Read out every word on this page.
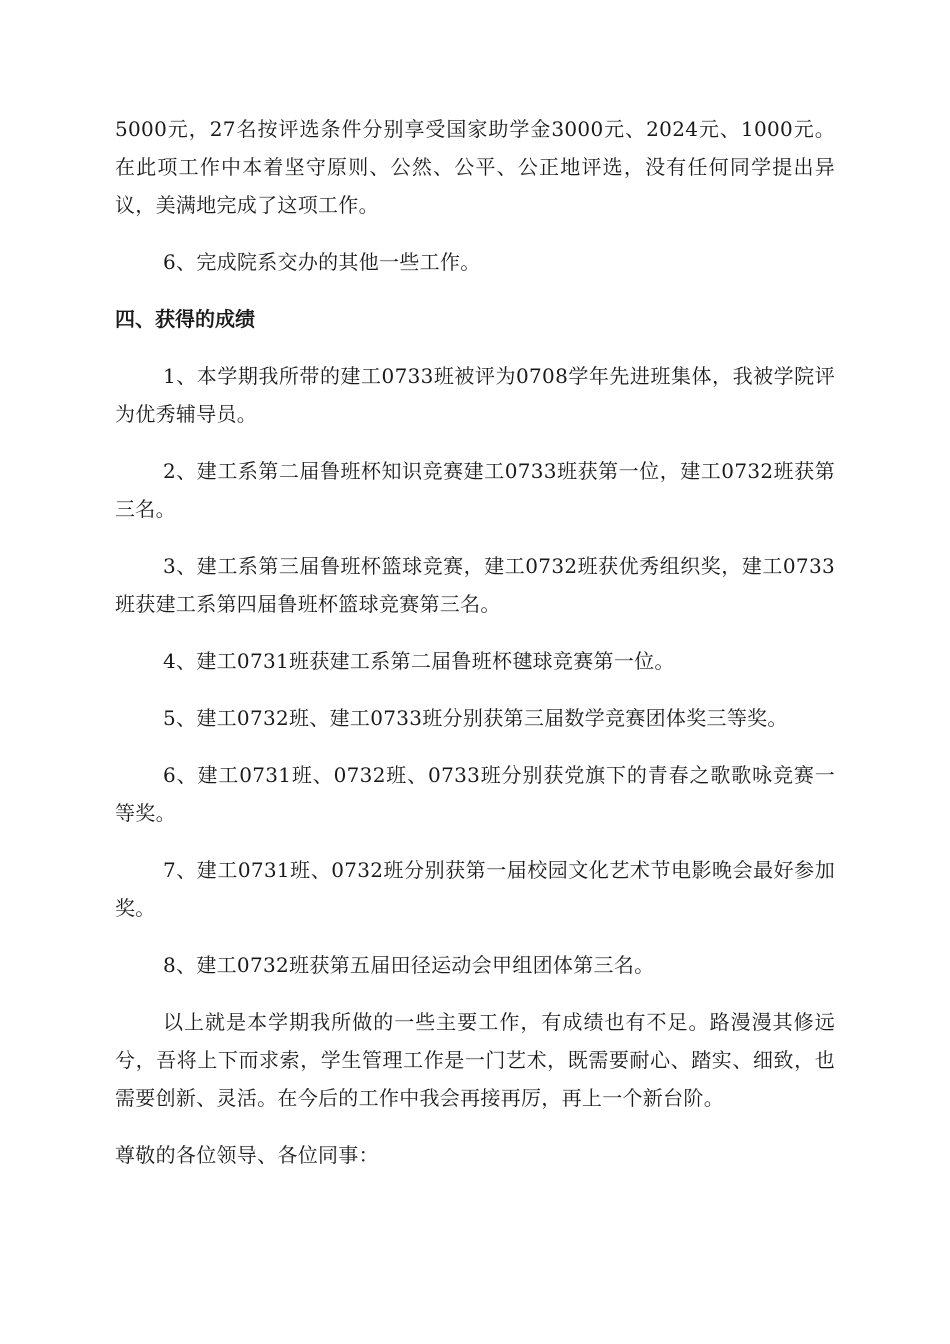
5000元，27名按评选条件分别享受国家助学金3000元、2024元、1000元。在此项工作中本着坚守原则、公然、公平、公正地评选，没有任何同学提出异议，美满地完成了这项工作。

6、完成院系交办的其他一些工作。

四、获得的成绩

1、本学期我所带的建工0733班被评为0708学年先进班集体，我被学院评为优秀辅导员。

2、建工系第二届鲁班杯知识竞赛建工0733班获第一位，建工0732班获第三名。

3、建工系第三届鲁班杯篮球竞赛，建工0732班获优秀组织奖，建工0733班获建工系第四届鲁班杯篮球竞赛第三名。

4、建工0731班获建工系第二届鲁班杯毽球竞赛第一位。

5、建工0732班、建工0733班分别获第三届数学竞赛团体奖三等奖。

6、建工0731班、0732班、0733班分别获党旗下的青春之歌歌咏竞赛一等奖。

7、建工0731班、0732班分别获第一届校园文化艺术节电影晚会最好参加奖。

8、建工0732班获第五届田径运动会甲组团体第三名。

以上就是本学期我所做的一些主要工作，有成绩也有不足。路漫漫其修远兮，吾将上下而求索，学生管理工作是一门艺术，既需要耐心、踏实、细致，也需要创新、灵活。在今后的工作中我会再接再厉，再上一个新台阶。

尊敬的各位领导、各位同事：
